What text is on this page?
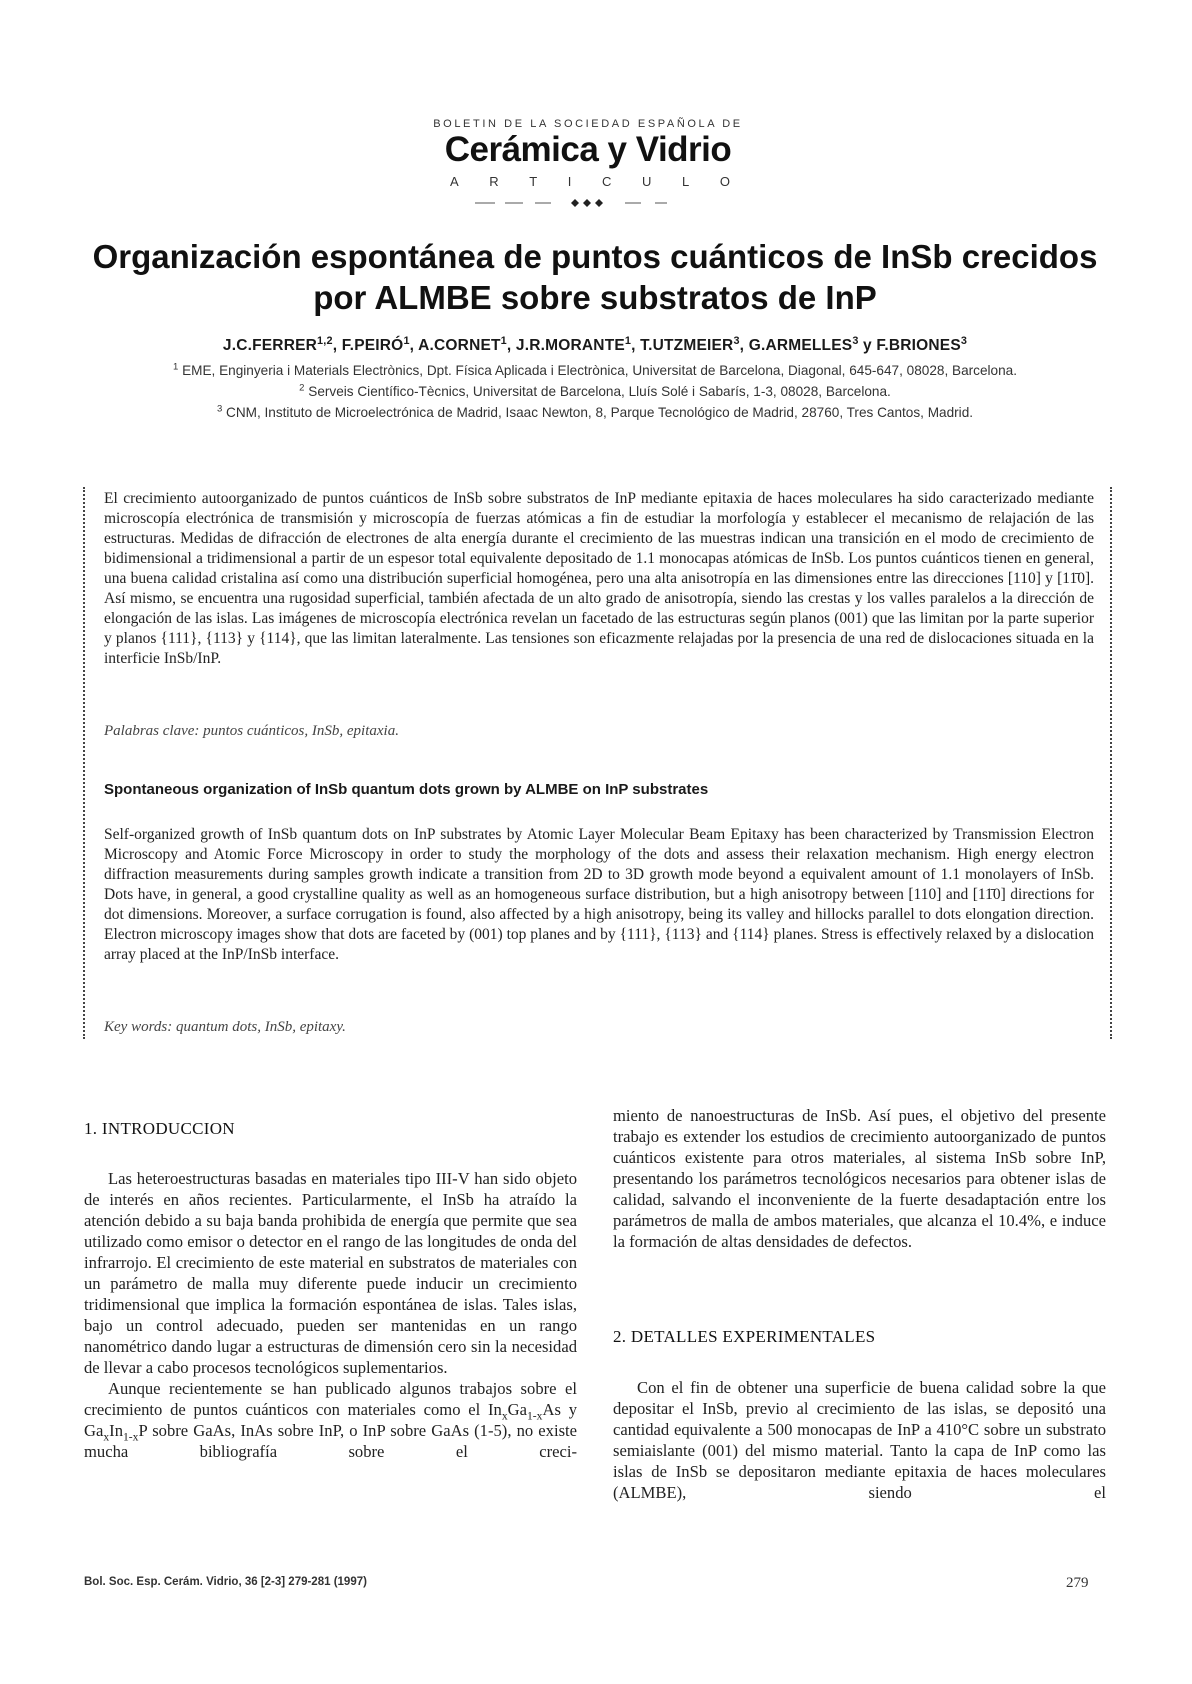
BOLETIN DE LA SOCIEDAD ESPAÑOLA DE
Cerámica y Vidrio
A R T I C U L O
Organización espontánea de puntos cuánticos de InSb crecidos
por ALMBE sobre substratos de InP
J.C.FERRER$^{1,2}$, F.PEIRÓ$^1$, A.CORNET$^1$, J.R.MORANTE$^1$, T.UTZMEIER$^3$, G.ARMELLES$^3$ y F.BRIONES$^3$
$^1$ EME, Enginyeria i Materials Electrònics, Dpt. Física Aplicada i Electrònica, Universitat de Barcelona, Diagonal, 645-647, 08028, Barcelona.
$^2$ Serveis Científico-Tècnics, Universitat de Barcelona, Lluís Solé i Sabarís, 1-3, 08028, Barcelona.
$^3$ CNM, Instituto de Microelectrónica de Madrid, Isaac Newton, 8, Parque Tecnológico de Madrid, 28760, Tres Cantos, Madrid.
El crecimiento autoorganizado de puntos cuánticos de InSb sobre substratos de InP mediante epitaxia de haces moleculares ha sido caracterizado mediante microscopía electrónica de transmisión y microscopía de fuerzas atómicas a fin de estudiar la morfología y establecer el mecanismo de relajación de las estructuras. Medidas de difracción de electrones de alta energía durante el crecimiento de las muestras indican una transición en el modo de crecimiento de bidimensional a tridimensional a partir de un espesor total equivalente depositado de 1.1 monocapas atómicas de InSb. Los puntos cuánticos tienen en general, una buena calidad cristalina así como una distribución superficial homogénea, pero una alta anisotropía en las dimensiones entre las direcciones [110] y [11̄0]. Así mismo, se encuentra una rugosidad superficial, también afectada de un alto grado de anisotropía, siendo las crestas y los valles paralelos a la dirección de elongación de las islas. Las imágenes de microscopía electrónica revelan un facetado de las estructuras según planos (001) que las limitan por la parte superior y planos {111}, {113} y {114}, que las limitan lateralmente. Las tensiones son eficazmente relajadas por la presencia de una red de dislocaciones situada en la interficie InSb/InP.
Palabras clave: puntos cuánticos, InSb, epitaxia.
Spontaneous organization of InSb quantum dots grown by ALMBE on InP substrates
Self-organized growth of InSb quantum dots on InP substrates by Atomic Layer Molecular Beam Epitaxy has been characterized by Transmission Electron Microscopy and Atomic Force Microscopy in order to study the morphology of the dots and assess their relaxation mechanism. High energy electron diffraction measurements during samples growth indicate a transition from 2D to 3D growth mode beyond a equivalent amount of 1.1 monolayers of InSb. Dots have, in general, a good crystalline quality as well as an homogeneous surface distribution, but a high anisotropy between [110] and [11̄0] directions for dot dimensions. Moreover, a surface corrugation is found, also affected by a high anisotropy, being its valley and hillocks parallel to dots elongation direction. Electron microscopy images show that dots are faceted by (001) top planes and by {111}, {113} and {114} planes. Stress is effectively relaxed by a dislocation array placed at the InP/InSb interface.
Key words: quantum dots, InSb, epitaxy.
1. INTRODUCCION

Las heteroestructuras basadas en materiales tipo III-V han sido objeto de interés en años recientes. Particularmente, el InSb ha atraído la atención debido a su baja banda prohibida de energía que permite que sea utilizado como emisor o detector en el rango de las longitudes de onda del infrarrojo. El crecimiento de este material en substratos de materiales con un parámetro de malla muy diferente puede inducir un crecimiento tridimensional que implica la formación espontánea de islas. Tales islas, bajo un control adecuado, pueden ser mantenidas en un rango nanométrico dando lugar a estructuras de dimensión cero sin la necesidad de llevar a cabo procesos tecnológicos suplementarios.

Aunque recientemente se han publicado algunos trabajos sobre el crecimiento de puntos cuánticos con materiales como el $In_xGa_{1-x}As$ y $Ga_xIn_{1-x}P$ sobre GaAs, InAs sobre InP, o InP sobre GaAs (1-5), no existe mucha bibliografía sobre el creci-

miento de nanoestructuras de InSb. Así pues, el objetivo del presente trabajo es extender los estudios de crecimiento autoorganizado de puntos cuánticos existente para otros materiales, al sistema InSb sobre InP, presentando los parámetros tecnológicos necesarios para obtener islas de calidad, salvando el inconveniente de la fuerte desadaptación entre los parámetros de malla de ambos materiales, que alcanza el 10.4%, e induce la formación de altas densidades de defectos.

2. DETALLES EXPERIMENTALES

Con el fin de obtener una superficie de buena calidad sobre la que depositar el InSb, previo al crecimiento de las islas, se depositó una cantidad equivalente a 500 monocapas de InP a 410°C sobre un substrato semiaislante (001) del mismo material. Tanto la capa de InP como las islas de InSb se depositaron mediante epitaxia de haces moleculares (ALMBE), siendo el

Bol. Soc. Esp. Cerám. Vidrio, 36 [2-3] 279-281 (1997)	279
